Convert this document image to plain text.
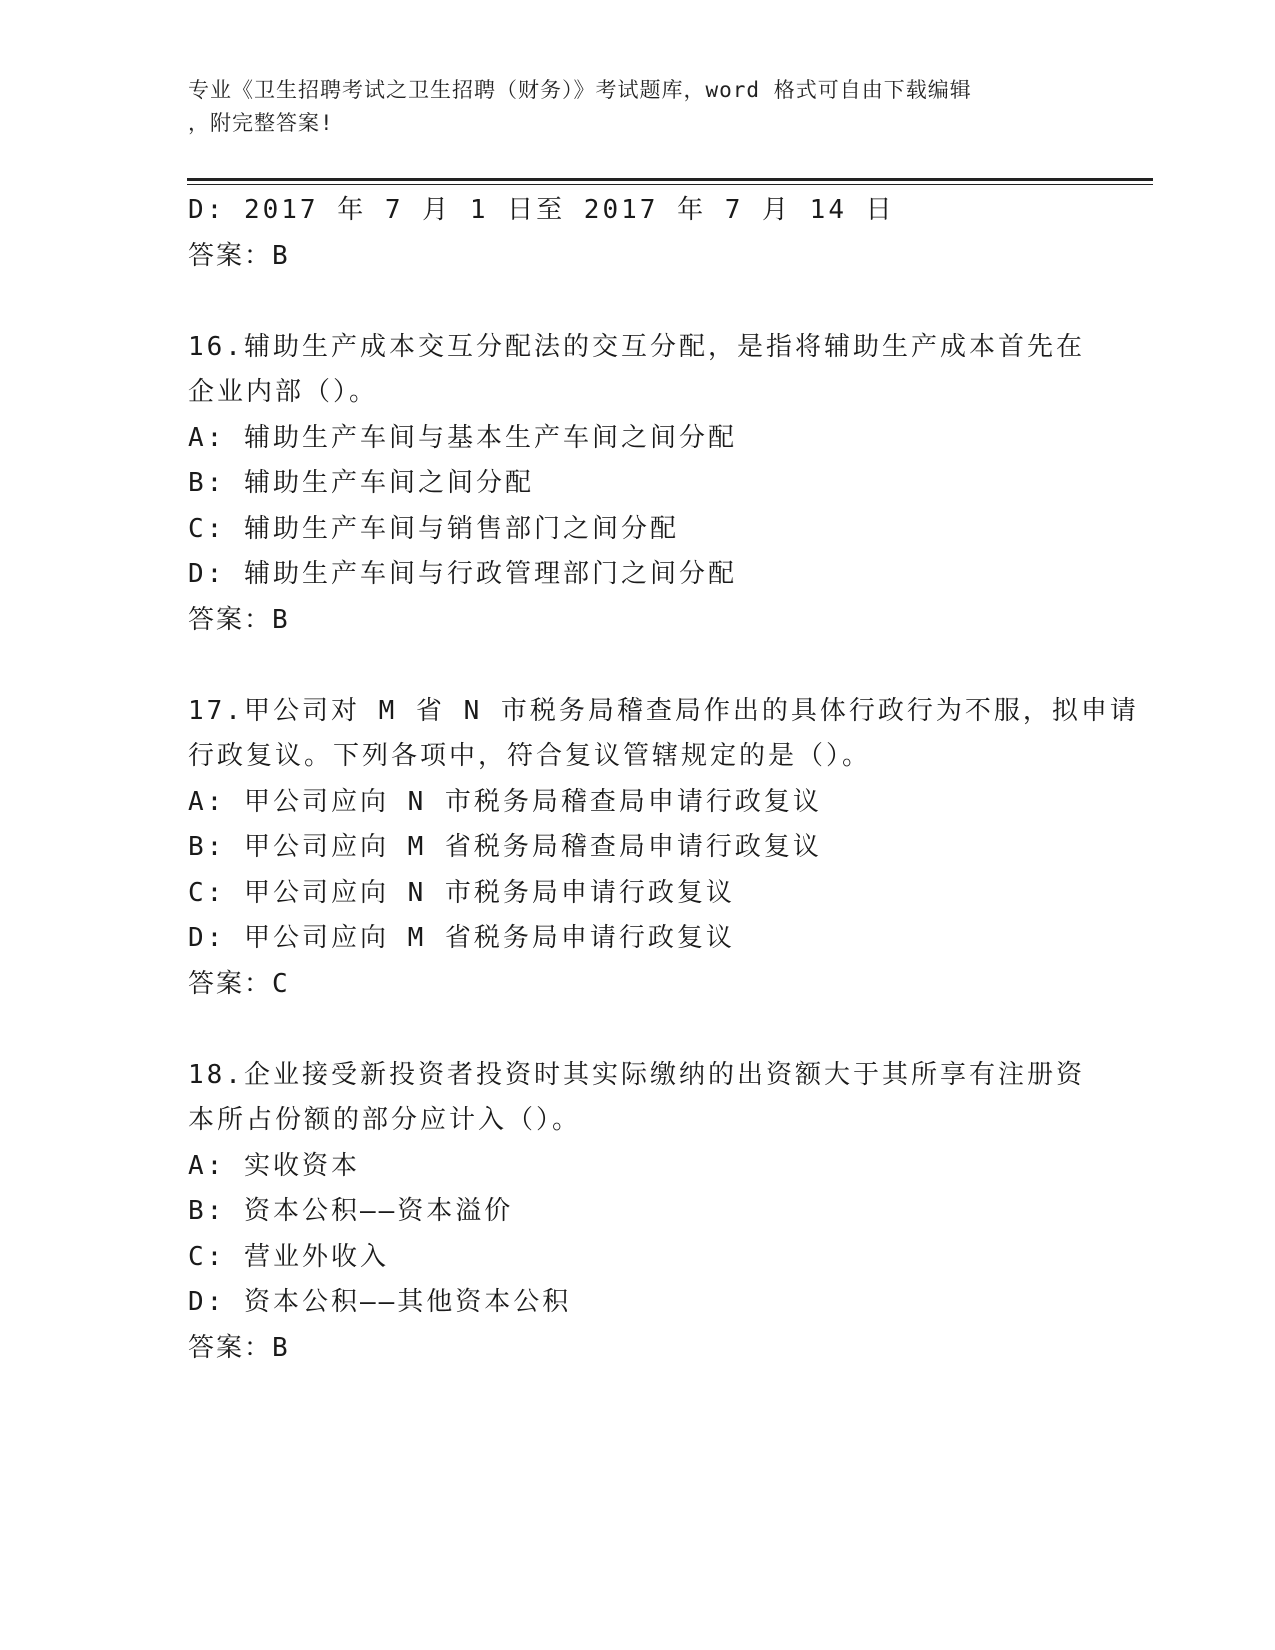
专业《卫生招聘考试之卫生招聘（财务）》考试题库，word 格式可自由下载编辑
，附完整答案!
D: 2017 年 7 月 1 日至 2017 年 7 月 14 日
答案：B
16.辅助生产成本交互分配法的交互分配，是指将辅助生产成本首先在
企业内部（）。
A: 辅助生产车间与基本生产车间之间分配
B: 辅助生产车间之间分配
C: 辅助生产车间与销售部门之间分配
D: 辅助生产车间与行政管理部门之间分配
答案：B
17.甲公司对 M 省 N 市税务局稽查局作出的具体行政行为不服，拟申请
行政复议。下列各项中，符合复议管辖规定的是（）。
A: 甲公司应向 N 市税务局稽查局申请行政复议
B: 甲公司应向 M 省税务局稽查局申请行政复议
C: 甲公司应向 N 市税务局申请行政复议
D: 甲公司应向 M 省税务局申请行政复议
答案：C
18.企业接受新投资者投资时其实际缴纳的出资额大于其所享有注册资
本所占份额的部分应计入（）。
A: 实收资本
B: 资本公积——资本溢价
C: 营业外收入
D: 资本公积——其他资本公积
答案：B
